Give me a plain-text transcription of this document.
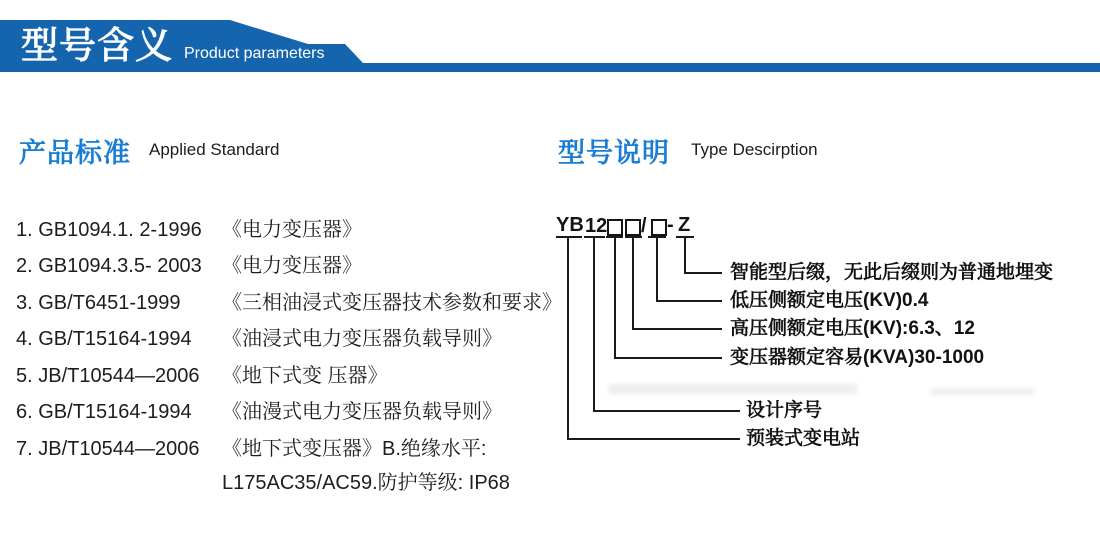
型号含义 Product parameters
产品标准 Applied Standard
1. GB1094.1. 2-1996	《电力变压器》
2. GB1094.3.5- 2003	《电力变压器》
3. GB/T6451-1999	《三相油浸式变压器技术参数和要求》
4. GB/T15164-1994	《油浸式电力变压器负载导则》
5. JB/T10544—2006	《地下式变 压器》
6. GB/T15164-1994	《油漫式电力变压器负载导则》
7. JB/T10544—2006	《地下式变压器》B.绝缘水平:
L175AC35/AC59.防护等级: IP68
型号说明 Type Descirption
YB 12 / - Z
智能型后缀，无此后缀则为普通地埋变
低压侧额定电压(KV)0.4
高压侧额定电压(KV):6.3、12
变压器额定容易(KVA)30-1000
设计序号
预装式变电站
